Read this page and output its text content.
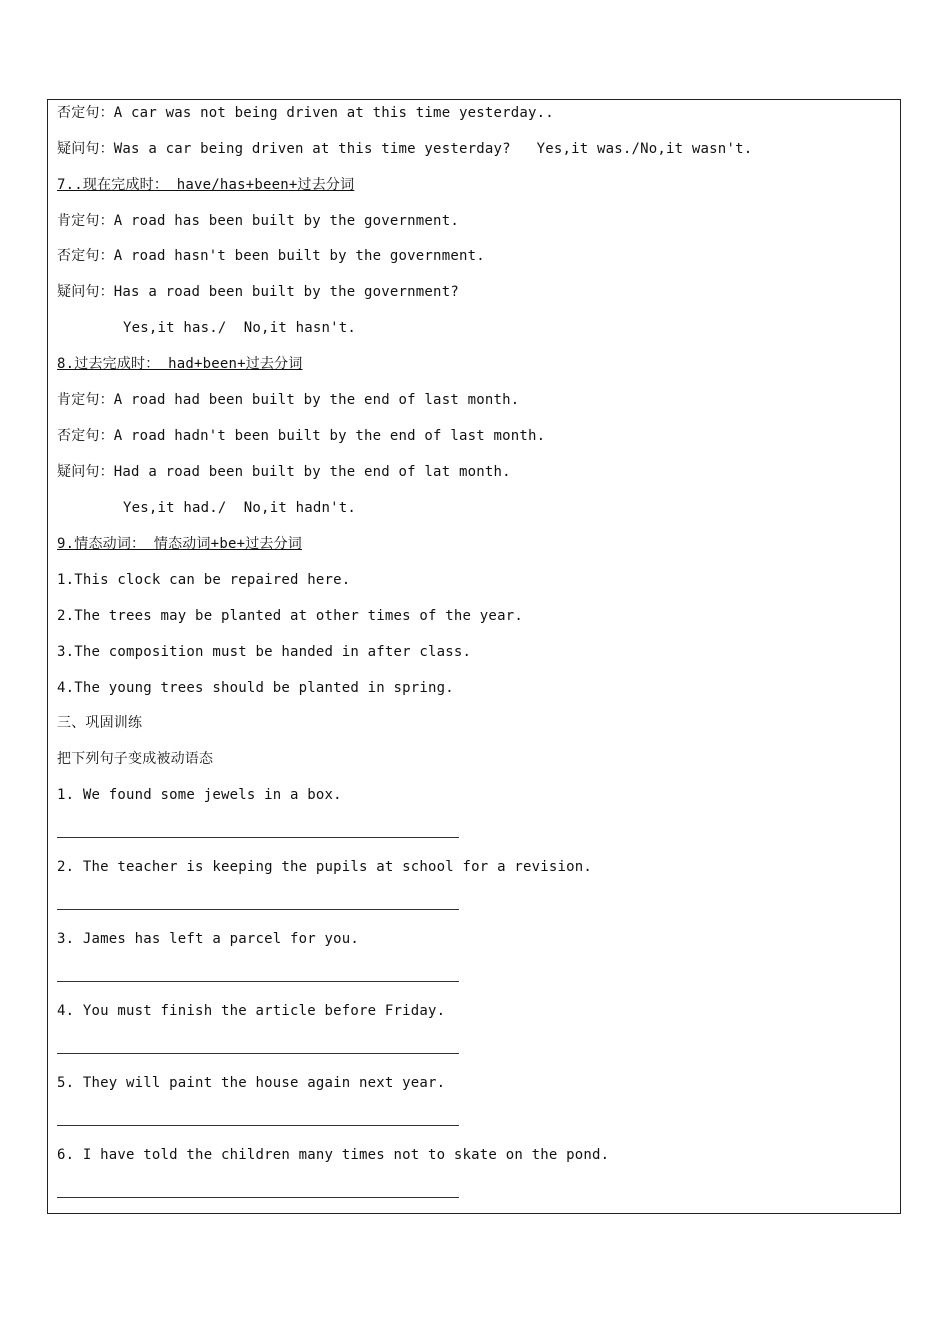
否定句：A car was not being driven at this time yesterday..
疑问句：Was a car being driven at this time yesterday?   Yes,it was./No,it wasn't.
7..现在完成时： have/has+been+过去分词
肯定句：A road has been built by the government.
否定句：A road hasn't been built by the government.
疑问句：Has a road been built by the government?
Yes,it has./  No,it hasn't.
8.过去完成时： had+been+过去分词
肯定句：A road had been built by the end of last month.
否定句：A road hadn't been built by the end of last month.
疑问句：Had a road been built by the end of lat month.
Yes,it had./  No,it hadn't.
9.情态动词： 情态动词+be+过去分词
1.This clock can be repaired here.
2.The trees may be planted at other times of the year.
3.The composition must be handed in after class.
4.The young trees should be planted in spring.
三、巩固训练
把下列句子变成被动语态
1. We found some jewels in a box.
2. The teacher is keeping the pupils at school for a revision.
3. James has left a parcel for you.
4. You must finish the article before Friday.
5. They will paint the house again next year.
6. I have told the children many times not to skate on the pond.
